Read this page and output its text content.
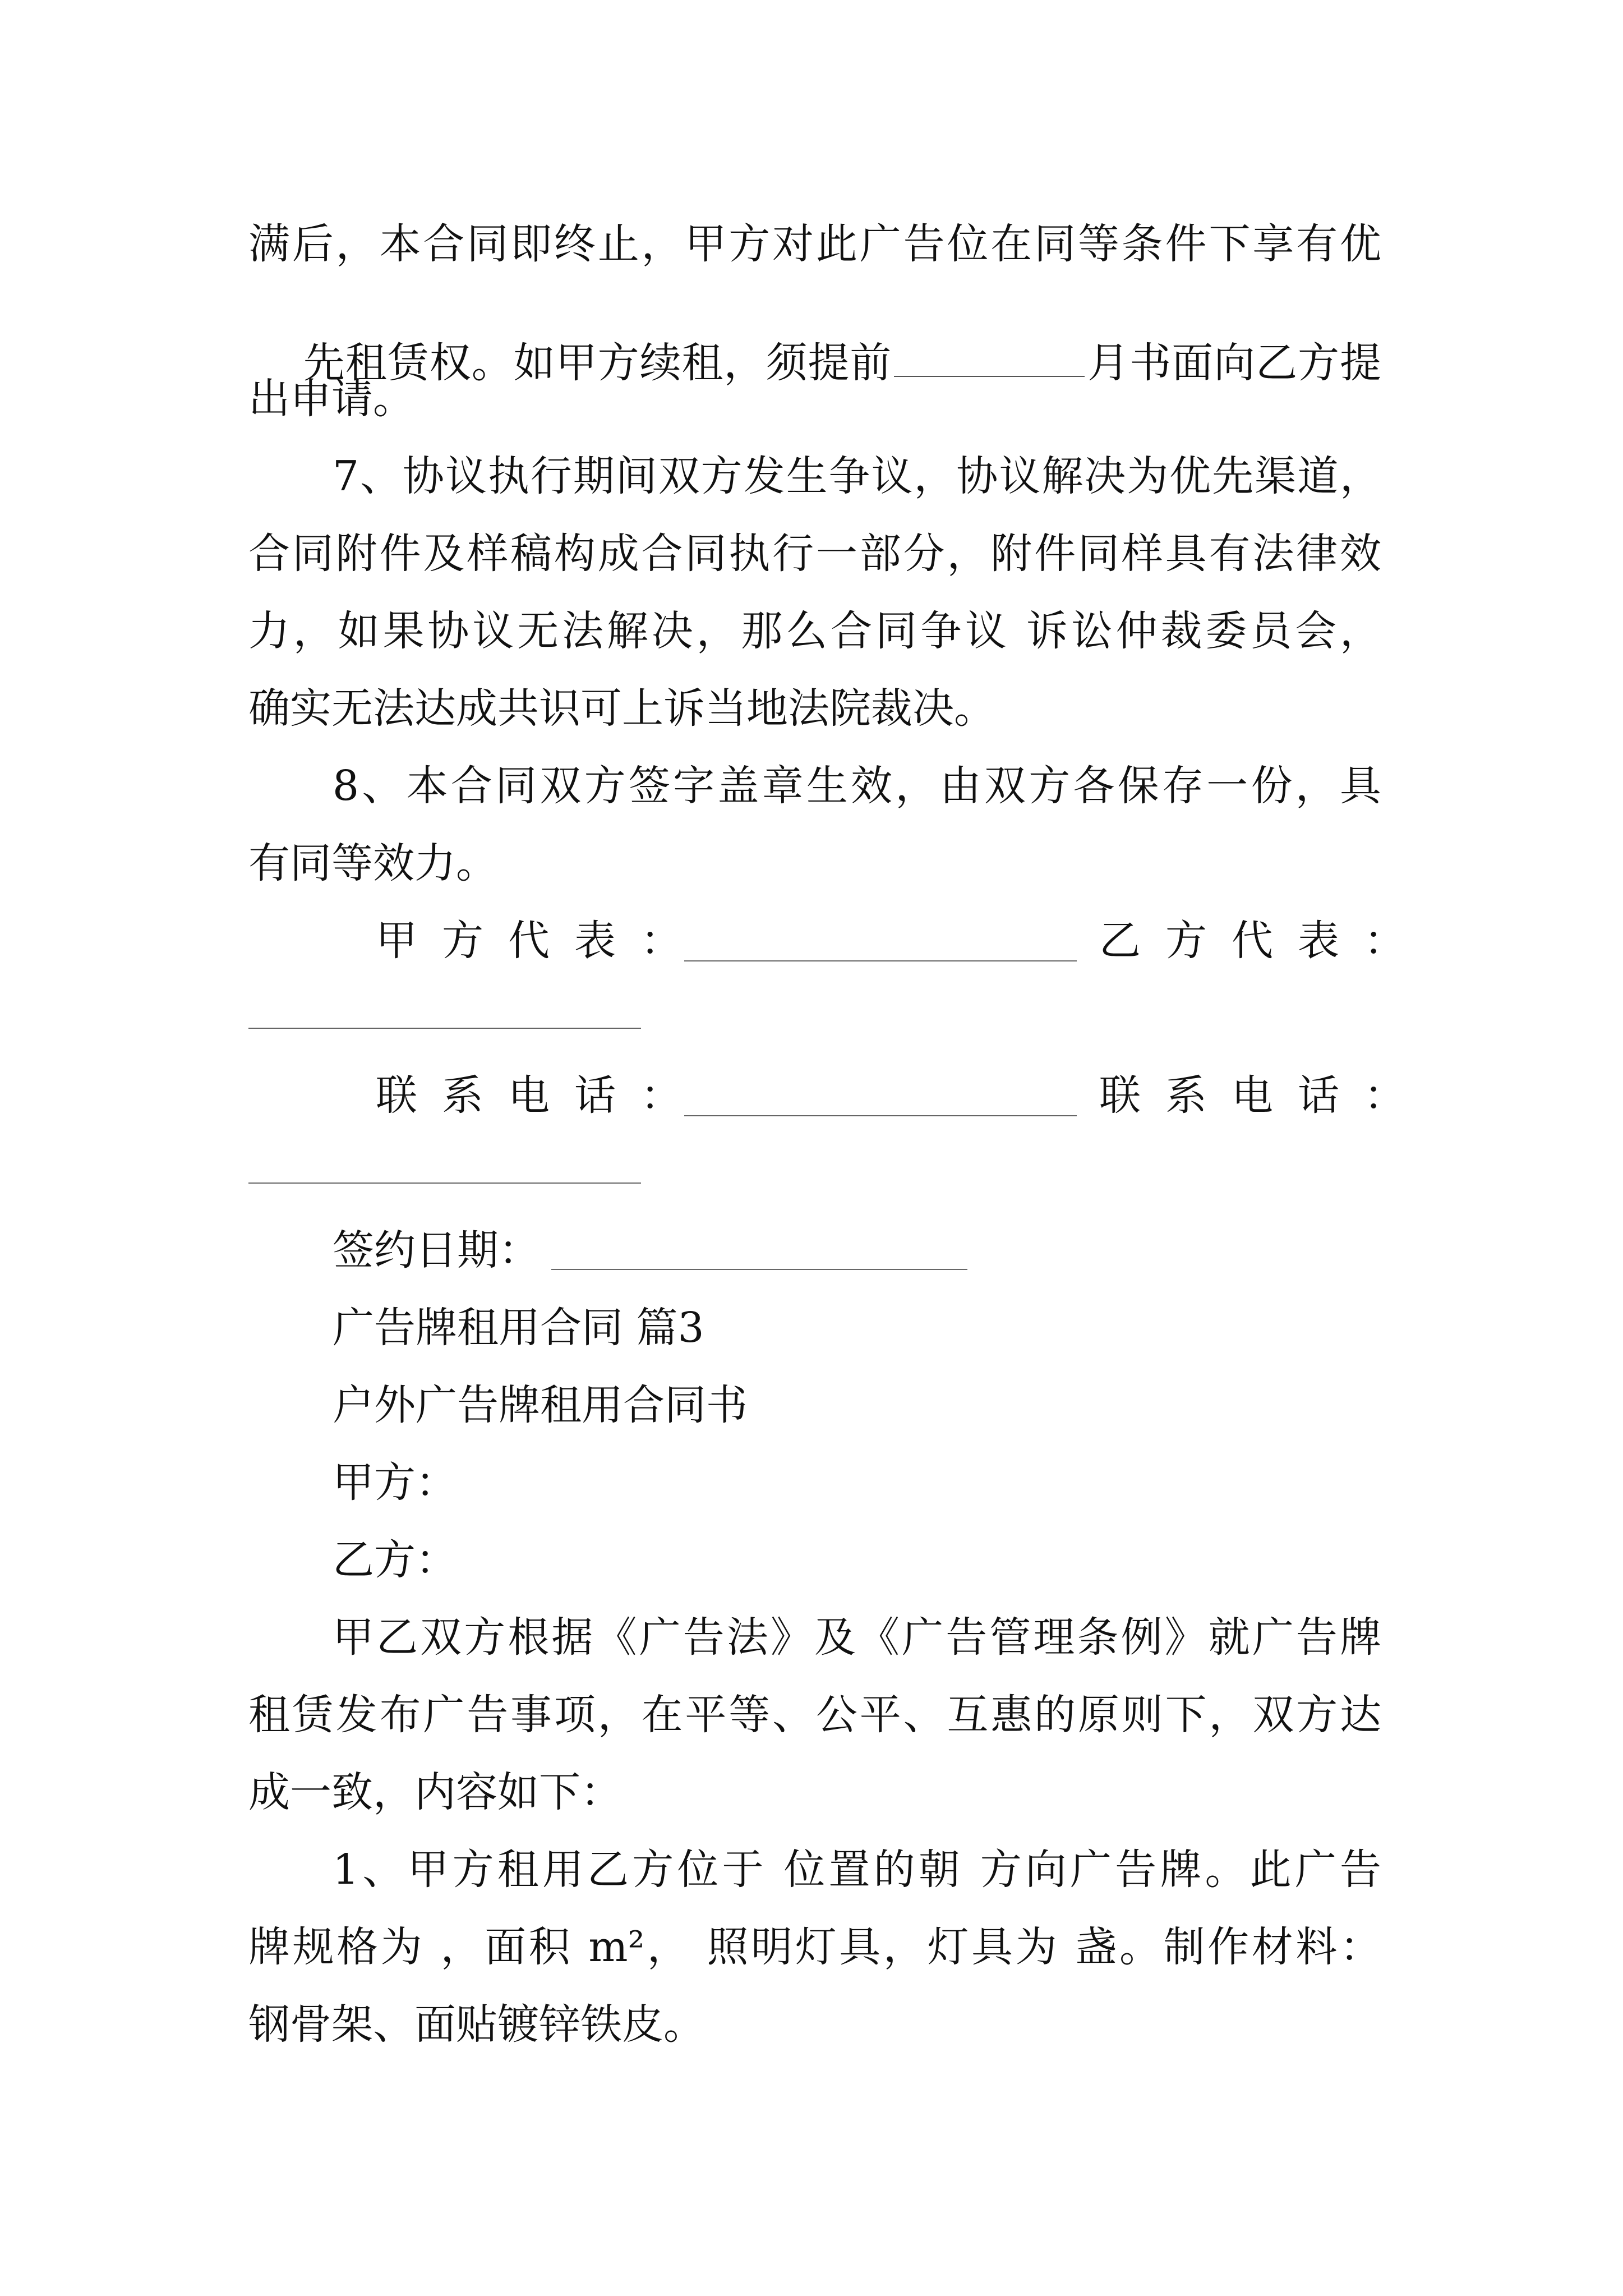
满后，本合同即终止，甲方对此广告位在同等条件下享有优

先租赁权。如甲方续租，须提前	月书面向乙方提

出申请。
7、协议执行期间双方发生争议，协议解决为优先渠道，
合同附件及样稿构成合同执行一部分，附件同样具有法律效
力，如果协议无法解决，那么合同争议 诉讼仲裁委员会，
确实无法达成共识可上诉当地法院裁决。
8、本合同双方签字盖章生效，由双方各保存一份，具
有同等效力。
甲方代表：	乙方代表：
联系电话：	联系电话：
签约日期：
广告牌租用合同 篇3
户外广告牌租用合同书
甲方：
乙方：
甲乙双方根据《广告法》及《广告管理条例》就广告牌
租赁发布广告事项，在平等、公平、互惠的原则下，双方达
成一致，内容如下：
1、甲方租用乙方位于 位置的朝 方向广告牌。此广告
牌规格为 ，面积 m²， 照明灯具，灯具为 盏。制作材料：
钢骨架、面贴镀锌铁皮。
